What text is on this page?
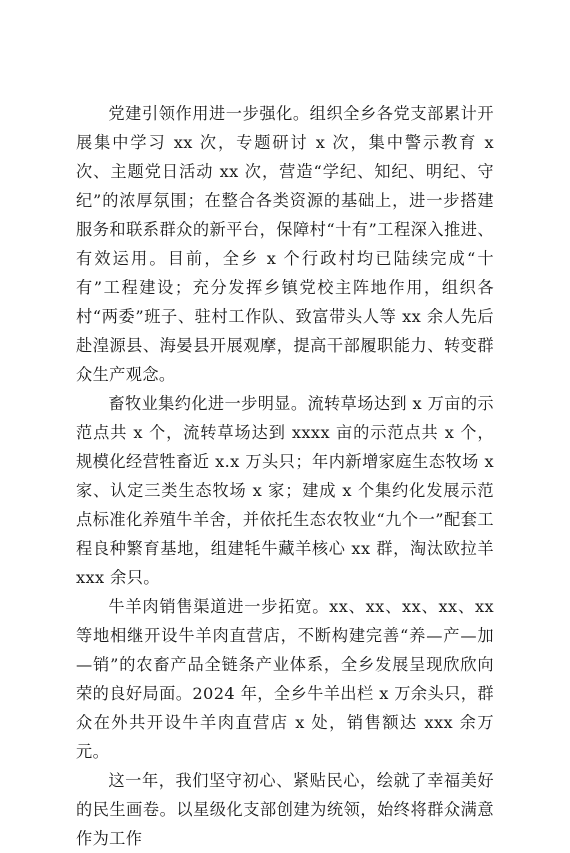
党建引领作用进一步强化。组织全乡各党支部累计开展集中学习 xx 次，专题研讨 x 次，集中警示教育 x 次、主题党日活动 xx 次，营造“学纪、知纪、明纪、守纪”的浓厚氛围；在整合各类资源的基础上，进一步搭建服务和联系群众的新平台，保障村“十有”工程深入推进、有效运用。目前，全乡 x 个行政村均已陆续完成“十有”工程建设；充分发挥乡镇党校主阵地作用，组织各村“两委”班子、驻村工作队、致富带头人等 xx 余人先后赴湟源县、海晏县开展观摩，提高干部履职能力、转变群众生产观念。

畜牧业集约化进一步明显。流转草场达到 x 万亩的示范点共 x 个，流转草场达到 xxxx 亩的示范点共 x 个，规模化经营牲畜近 x.x 万头只；年内新增家庭生态牧场 x 家、认定三类生态牧场 x 家；建成 x 个集约化发展示范点标准化养殖牛羊舍，并依托生态农牧业“九个一”配套工程良种繁育基地，组建牦牛藏羊核心 xx 群，淘汰欧拉羊 xxx 余只。

牛羊肉销售渠道进一步拓宽。xx、xx、xx、xx、xx 等地相继开设牛羊肉直营店，不断构建完善“养—产—加—销”的农畜产品全链条产业体系，全乡发展呈现欣欣向荣的良好局面。2024 年，全乡牛羊出栏 x 万余头只，群众在外共开设牛羊肉直营店 x 处，销售额达 xxx 余万元。

这一年，我们坚守初心、紧贴民心，绘就了幸福美好的民生画卷。以星级化支部创建为统领，始终将群众满意作为工作
